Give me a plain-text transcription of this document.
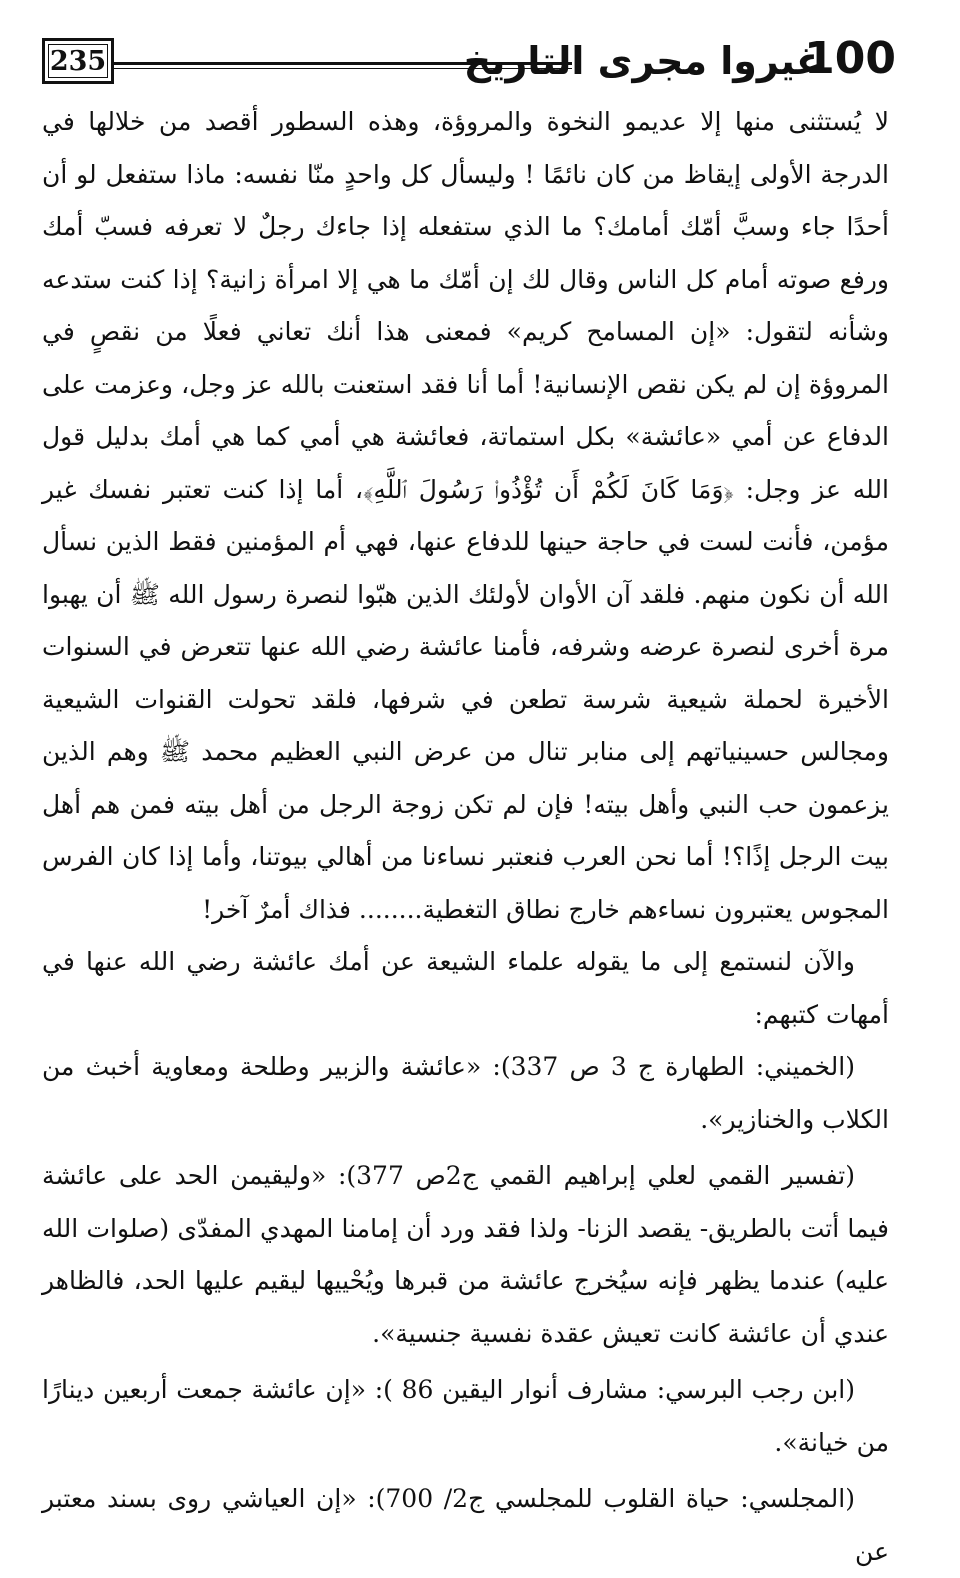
235	غيروا مجرى التاريخ
100

لا يُستثنى منها إلا عديمو النخوة والمروؤة، وهذه السطور أقصد من خلالها في الدرجة الأولى إيقاظ من كان نائمًا ! وليسأل كل واحدٍ منّا نفسه: ماذا ستفعل لو أن أحدًا جاء وسبَّ أمّك أمامك؟ ما الذي ستفعله إذا جاءك رجلٌ لا تعرفه فسبّ أمك ورفع صوته أمام كل الناس وقال لك إن أمّك ما هي إلا امرأة زانية؟ إذا كنت ستدعه وشأنه لتقول: «إن المسامح كريم» فمعنى هذا أنك تعاني فعلًا من نقصٍ في المروؤة إن لم يكن نقص الإنسانية! أما أنا فقد استعنت بالله عز وجل، وعزمت على الدفاع عن أمي «عائشة» بكل استماتة، فعائشة هي أمي كما هي أمك بدليل قول الله عز وجل: ﴿وَمَا كَانَ لَكُمْ أَن تُؤْذُوا۟ رَسُولَ ٱللَّهِ﴾، أما إذا كنت تعتبر نفسك غير مؤمن، فأنت لست في حاجة حينها للدفاع عنها، فهي أم المؤمنين فقط الذين نسأل الله أن نكون منهم. فلقد آن الأوان لأولئك الذين هبّوا لنصرة رسول الله ﷺ أن يهبوا مرة أخرى لنصرة عرضه وشرفه، فأمنا عائشة رضي الله عنها تتعرض في السنوات الأخيرة لحملة شيعية شرسة تطعن في شرفها، فلقد تحولت القنوات الشيعية ومجالس حسينياتهم إلى منابر تنال من عرض النبي العظيم محمد ﷺ وهم الذين يزعمون حب النبي وأهل بيته! فإن لم تكن زوجة الرجل من أهل بيته فمن هم أهل بيت الرجل إذًا؟! أما نحن العرب فنعتبر نساءنا من أهالي بيوتنا، وأما إذا كان الفرس المجوس يعتبرون نساءهم خارج نطاق التغطية........ فذاك أمرٌ آخر!

والآن لنستمع إلى ما يقوله علماء الشيعة عن أمك عائشة رضي الله عنها في أمهات كتبهم:

(الخميني: الطهارة ج 3 ص 337): «عائشة والزبير وطلحة ومعاوية أخبث من الكلاب والخنازير».

(تفسير القمي لعلي إبراهيم القمي ج2ص 377): «وليقيمن الحد على عائشة فيما أتت بالطريق- يقصد الزنا- ولذا فقد ورد أن إمامنا المهدي المفدّى (صلوات الله عليه) عندما يظهر فإنه سيُخرج عائشة من قبرها ويُحْييها ليقيم عليها الحد، فالظاهر عندي أن عائشة كانت تعيش عقدة نفسية جنسية».

(ابن رجب البرسي: مشارف أنوار اليقين 86 ): «إن عائشة جمعت أربعين دينارًا من خيانة».

(المجلسي: حياة القلوب للمجلسي ج2/ 700): «إن العياشي روى بسند معتبر عن
